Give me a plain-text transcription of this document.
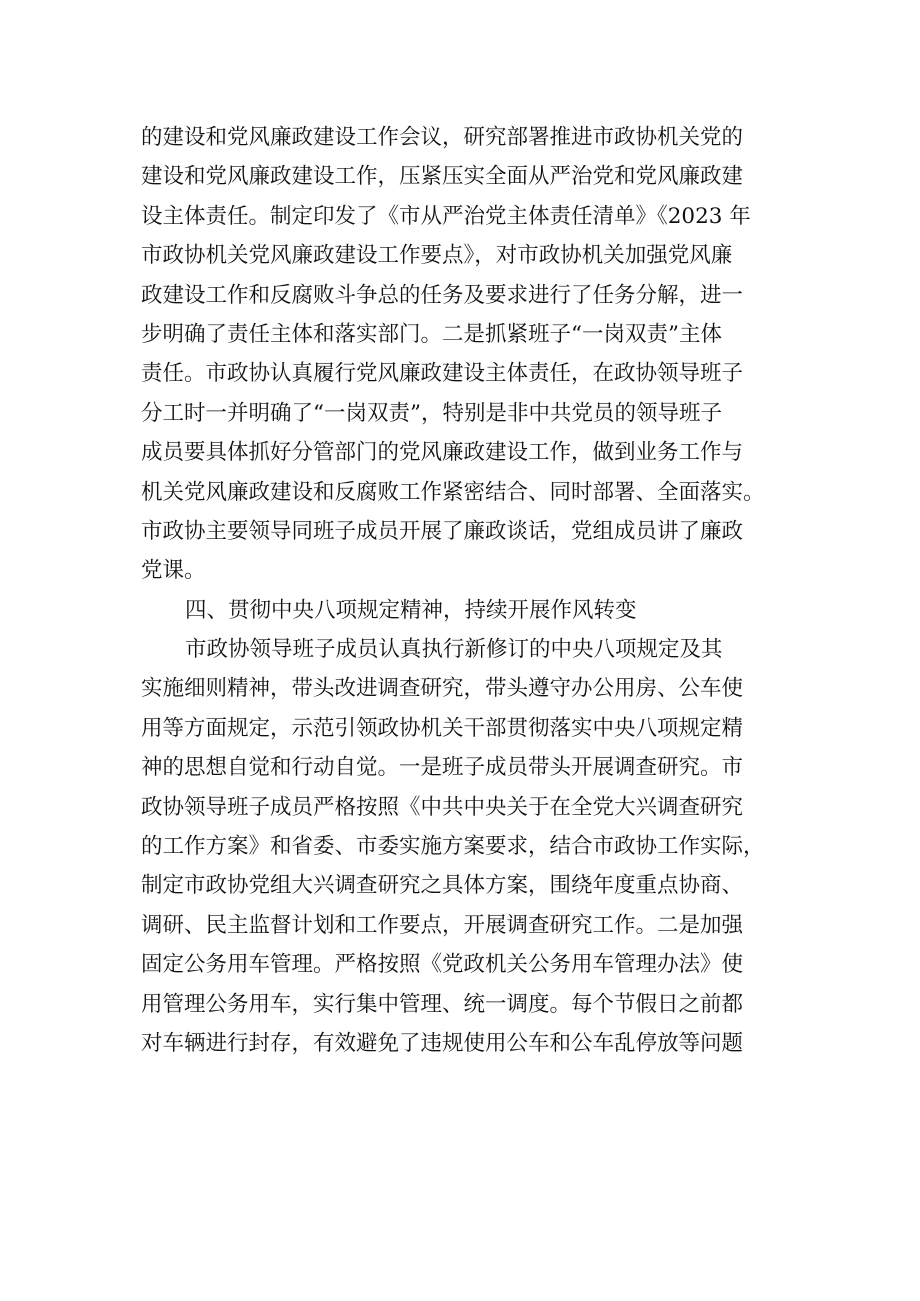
的建设和党风廉政建设工作会议，研究部署推进市政协机关党的
建设和党风廉政建设工作，压紧压实全面从严治党和党风廉政建
设主体责任。制定印发了《市从严治党主体责任清单》《2023 年
市政协机关党风廉政建设工作要点》，对市政协机关加强党风廉
政建设工作和反腐败斗争总的任务及要求进行了任务分解，进一
步明确了责任主体和落实部门。二是抓紧班子“一岗双责”主体
责任。市政协认真履行党风廉政建设主体责任，在政协领导班子
分工时一并明确了“一岗双责”，特别是非中共党员的领导班子
成员要具体抓好分管部门的党风廉政建设工作，做到业务工作与
机关党风廉政建设和反腐败工作紧密结合、同时部署、全面落实。
市政协主要领导同班子成员开展了廉政谈话，党组成员讲了廉政
党课。
四、贯彻中央八项规定精神，持续开展作风转变
市政协领导班子成员认真执行新修订的中央八项规定及其
实施细则精神，带头改进调查研究，带头遵守办公用房、公车使
用等方面规定，示范引领政协机关干部贯彻落实中央八项规定精
神的思想自觉和行动自觉。一是班子成员带头开展调查研究。市
政协领导班子成员严格按照《中共中央关于在全党大兴调查研究
的工作方案》和省委、市委实施方案要求，结合市政协工作实际，
制定市政协党组大兴调查研究之具体方案，围绕年度重点协商、
调研、民主监督计划和工作要点，开展调查研究工作。二是加强
固定公务用车管理。严格按照《党政机关公务用车管理办法》使
用管理公务用车，实行集中管理、统一调度。每个节假日之前都
对车辆进行封存，有效避免了违规使用公车和公车乱停放等问题
